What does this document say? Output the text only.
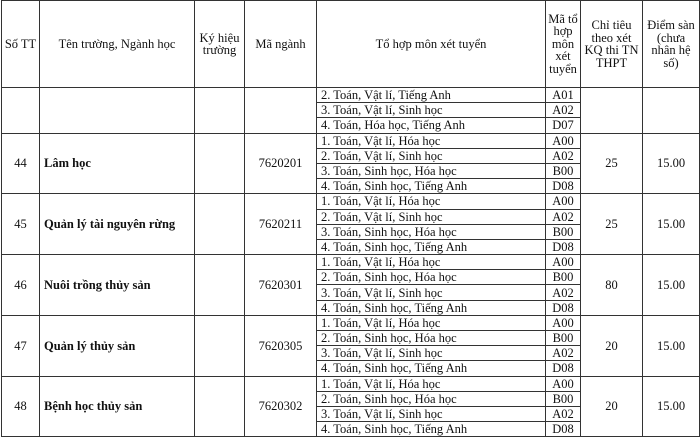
Số TT	Tên trường, Ngành học	Ký hiệu trường	Mã ngành	Tổ hợp môn xét tuyển	Mã tổ hợp môn xét tuyển	Chỉ tiêu theo xét KQ thi TN THPT	Điểm sàn (chưa nhân hệ số)
				2. Toán, Vật lí, Tiếng Anh	A01		
				3. Toán, Vật lí, Sinh học	A02		
				4. Toán, Hóa học, Tiếng Anh	D07		
44	Lâm học		7620201	1. Toán, Vật lí, Hóa học	A00	25	15.00
				2. Toán, Vật lí, Sinh học	A02		
				3. Toán, Sinh học, Hóa học	B00		
				4. Toán, Sinh học, Tiếng Anh	D08		
45	Quản lý tài nguyên rừng		7620211	1. Toán, Vật lí, Hóa học	A00	25	15.00
				2. Toán, Vật lí, Sinh học	A02		
				3. Toán, Sinh học, Hóa học	B00		
				4. Toán, Sinh học, Tiếng Anh	D08		
46	Nuôi trồng thủy sản		7620301	1. Toán, Vật lí, Hóa học	A00	80	15.00
				2. Toán, Sinh học, Hóa học	B00		
				3. Toán, Vật lí, Sinh học	A02		
				4. Toán, Sinh học, Tiếng Anh	D08		
47	Quản lý thủy sản		7620305	1. Toán, Vật lí, Hóa học	A00	20	15.00
				2. Toán, Sinh học, Hóa học	B00		
				3. Toán, Vật lí, Sinh học	A02		
				4. Toán, Sinh học, Tiếng Anh	D08		
48	Bệnh học thủy sản		7620302	1. Toán, Vật lí, Hóa học	A00	20	15.00
				2. Toán, Sinh học, Hóa học	B00		
				3. Toán, Vật lí, Sinh học	A02		
				4. Toán, Sinh học, Tiếng Anh	D08		
